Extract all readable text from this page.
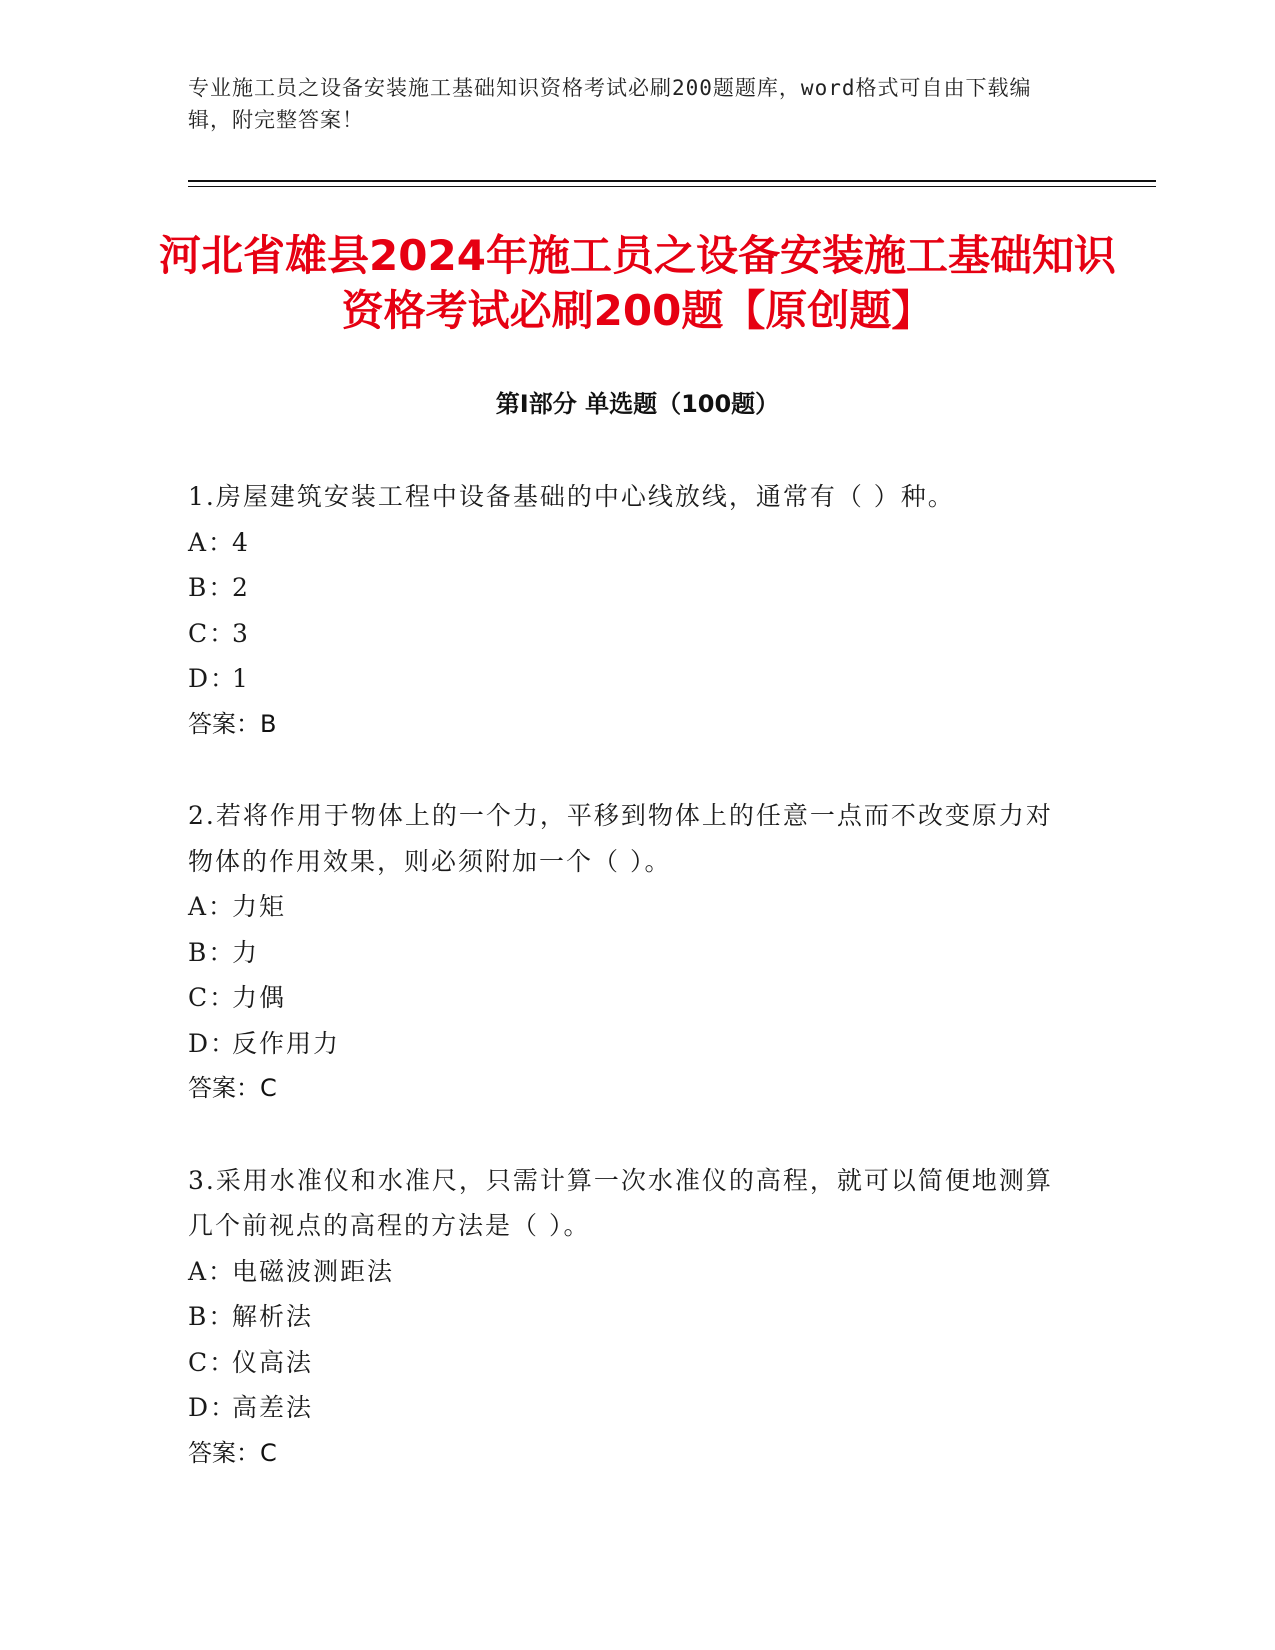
专业施工员之设备安装施工基础知识资格考试必刷200题题库，word格式可自由下载编辑，附完整答案！
河北省雄县2024年施工员之设备安装施工基础知识资格考试必刷200题【原创题】
第Ⅰ部分 单选题（100题）

1.房屋建筑安装工程中设备基础的中心线放线，通常有（ ）种。

A：
4
B：
2
C：
3
D：
1
答案：B

2.若将作用于物体上的一个力，平移到物体上的任意一点而不改变原力对物体的作用效果，则必须附加一个（ ）。

A：
力矩
B：
力
C：
力偶
D：
反作用力
答案：C

3.采用水准仪和水准尺，只需计算一次水准仪的高程，就可以简便地测算几个前视点的高程的方法是（ ）。

A：
电磁波测距法
B：
解析法
C：
仪高法
D：
高差法
答案：C
